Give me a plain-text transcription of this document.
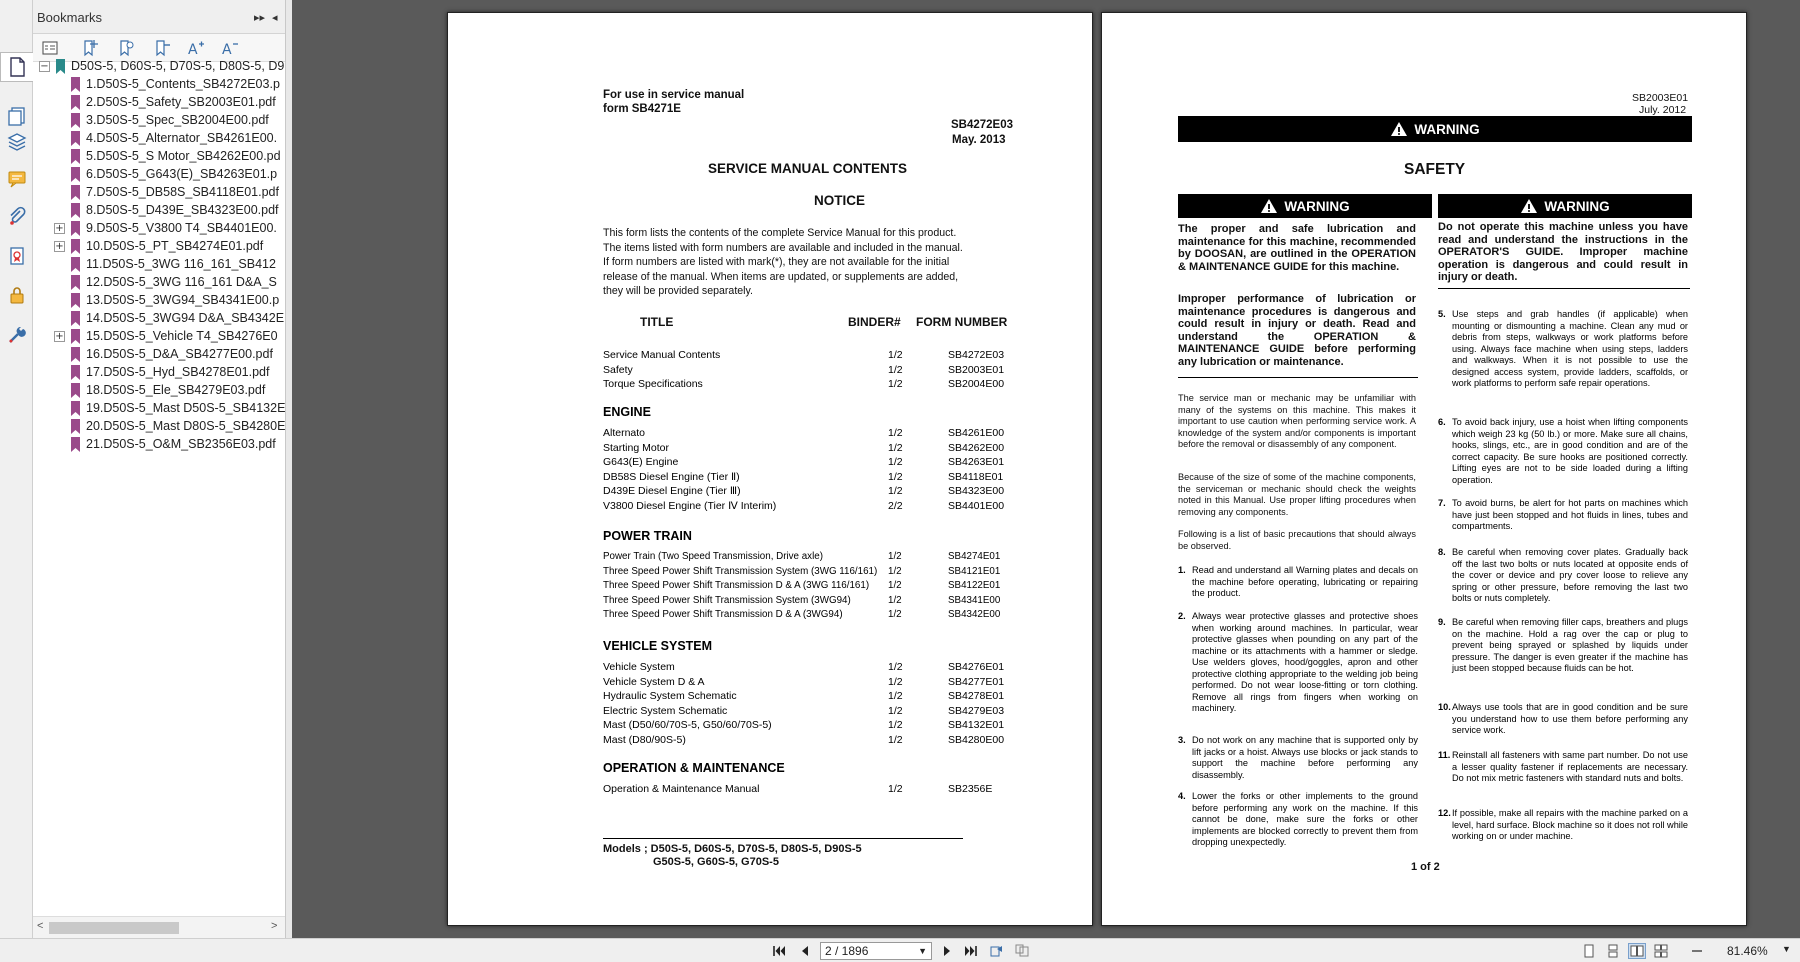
Bookmarks	▸▸ ◂
A A
− D50S-5, D60S-5, D70S-5, D80S-5, D9
1.D50S-5_Contents_SB4272E03.p
2.D50S-5_Safety_SB2003E01.pdf
3.D50S-5_Spec_SB2004E00.pdf
4.D50S-5_Alternator_SB4261E00.
5.D50S-5_S Motor_SB4262E00.pd
6.D50S-5_G643(E)_SB4263E01.p
7.D50S-5_DB58S_SB4118E01.pdf
8.D50S-5_D439E_SB4323E00.pdf
+ 9.D50S-5_V3800 T4_SB4401E00.
+ 10.D50S-5_PT_SB4274E01.pdf
11.D50S-5_3WG 116_161_SB412
12.D50S-5_3WG 116_161 D&A_S
13.D50S-5_3WG94_SB4341E00.p
14.D50S-5_3WG94 D&A_SB4342E
+ 15.D50S-5_Vehicle T4_SB4276E0
16.D50S-5_D&A_SB4277E00.pdf
17.D50S-5_Hyd_SB4278E01.pdf
18.D50S-5_Ele_SB4279E03.pdf
19.D50S-5_Mast D50S-5_SB4132E
20.D50S-5_Mast D80S-5_SB4280E
21.D50S-5_O&M_SB2356E03.pdf
<	>
For use in service manual
form SB4271E
SB4272E03
May. 2013
SERVICE MANUAL CONTENTS
NOTICE
This form lists the contents of the complete Service Manual for this product.
The items listed with form numbers are available and included in the manual.
If form numbers are listed with mark(*), they are not available for the initial
release of the manual. When items are updated, or supplements are added,
they will be provided separately.
TITLE	BINDER# FORM NUMBER
Service Manual Contents	1/2	SB4272E03
Safety	1/2	SB2003E01
Torque Specifications	1/2	SB2004E00
ENGINE
Alternato	1/2	SB4261E00
Starting Motor	1/2	SB4262E00
G643(E) Engine	1/2	SB4263E01
DB58S Diesel Engine (Tier Ⅱ)	1/2	SB4118E01
D439E Diesel Engine (Tier Ⅲ)	1/2	SB4323E00
V3800 Diesel Engine (Tier Ⅳ Interim)	2/2	SB4401E00
POWER TRAIN
Power Train (Two Speed Transmission, Drive axle)	1/2	SB4274E01
Three Speed Power Shift Transmission System (3WG 116/161) 1/2	SB4121E01
Three Speed Power Shift Transmission D & A (3WG 116/161) 1/2	SB4122E01
Three Speed Power Shift Transmission System (3WG94)	1/2	SB4341E00
Three Speed Power Shift Transmission D & A (3WG94)	1/2	SB4342E00
VEHICLE SYSTEM
Vehicle System	1/2	SB4276E01
Vehicle System D & A	1/2	SB4277E01
Hydraulic System Schematic	1/2	SB4278E01
Electric System Schematic	1/2	SB4279E03
Mast (D50/60/70S-5, G50/60/70S-5)	1/2	SB4132E01
Mast (D80/90S-5)	1/2	SB4280E00
OPERATION & MAINTENANCE
Operation & Maintenance Manual	1/2	SB2356E
Models ; D50S-5, D60S-5, D70S-5, D80S-5, D90S-5
G50S-5, G60S-5, G70S-5
SB2003E01
July. 2012
WARNING
SAFETY
WARNING	WARNING
The proper and safe lubrication and maintenance for this machine, recommended by DOOSAN, are outlined in the OPERATION & MAINTENANCE GUIDE for this machine.
Improper performance of lubrication or maintenance procedures is dangerous and could result in injury or death. Read and understand the OPERATION & MAINTENANCE GUIDE before performing any lubrication or maintenance.
Do not operate this machine unless you have read and understand the instructions in the OPERATOR'S GUIDE. Improper machine operation is dangerous and could result in injury or death.
The service man or mechanic may be unfamiliar with many of the systems on this machine. This makes it important to use caution when performing service work. A knowledge of the system and/or components is important before the removal or disassembly of any component.
Because of the size of some of the machine components, the serviceman or mechanic should check the weights noted in this Manual. Use proper lifting procedures when removing any components.
Following is a list of basic precautions that should always be observed.
1. Read and understand all Warning plates and decals on the machine before operating, lubricating or repairing the product.
2. Always wear protective glasses and protective shoes when working around machines. In particular, wear protective glasses when pounding on any part of the machine or its attachments with a hammer or sledge. Use welders gloves, hood/goggles, apron and other protective clothing appropriate to the welding job being performed. Do not wear loose-fitting or torn clothing. Remove all rings from fingers when working on machinery.
3. Do not work on any machine that is supported only by lift jacks or a hoist. Always use blocks or jack stands to support the machine before performing any disassembly.
4. Lower the forks or other implements to the ground before performing any work on the machine. If this cannot be done, make sure the forks or other implements are blocked correctly to prevent them from dropping unexpectedly.
5. Use steps and grab handles (if applicable) when mounting or dismounting a machine. Clean any mud or debris from steps, walkways or work platforms before using. Always face machine when using steps, ladders and walkways. When it is not possible to use the designed access system, provide ladders, scaffolds, or work platforms to perform safe repair operations.
6. To avoid back injury, use a hoist when lifting components which weigh 23 kg (50 lb.) or more. Make sure all chains, hooks, slings, etc., are in good condition and are of the correct capacity. Be sure hooks are positioned correctly. Lifting eyes are not to be side loaded during a lifting operation.
7. To avoid burns, be alert for hot parts on machines which have just been stopped and hot fluids in lines, tubes and compartments.
8. Be careful when removing cover plates. Gradually back off the last two bolts or nuts located at opposite ends of the cover or device and pry cover loose to relieve any spring or other pressure, before removing the last two bolts or nuts completely.
9. Be careful when removing filler caps, breathers and plugs on the machine. Hold a rag over the cap or plug to prevent being sprayed or splashed by liquids under pressure. The danger is even greater if the machine has just been stopped because fluids can be hot.
10. Always use tools that are in good condition and be sure you understand how to use them before performing any service work.
11. Reinstall all fasteners with same part number. Do not use a lesser quality fastener if replacements are necessary. Do not mix metric fasteners with standard nuts and bolts.
12. If possible, make all repairs with the machine parked on a level, hard surface. Block machine so it does not roll while working on or under machine.
1 of 2
2 / 1896	▼	81.46% ▼
